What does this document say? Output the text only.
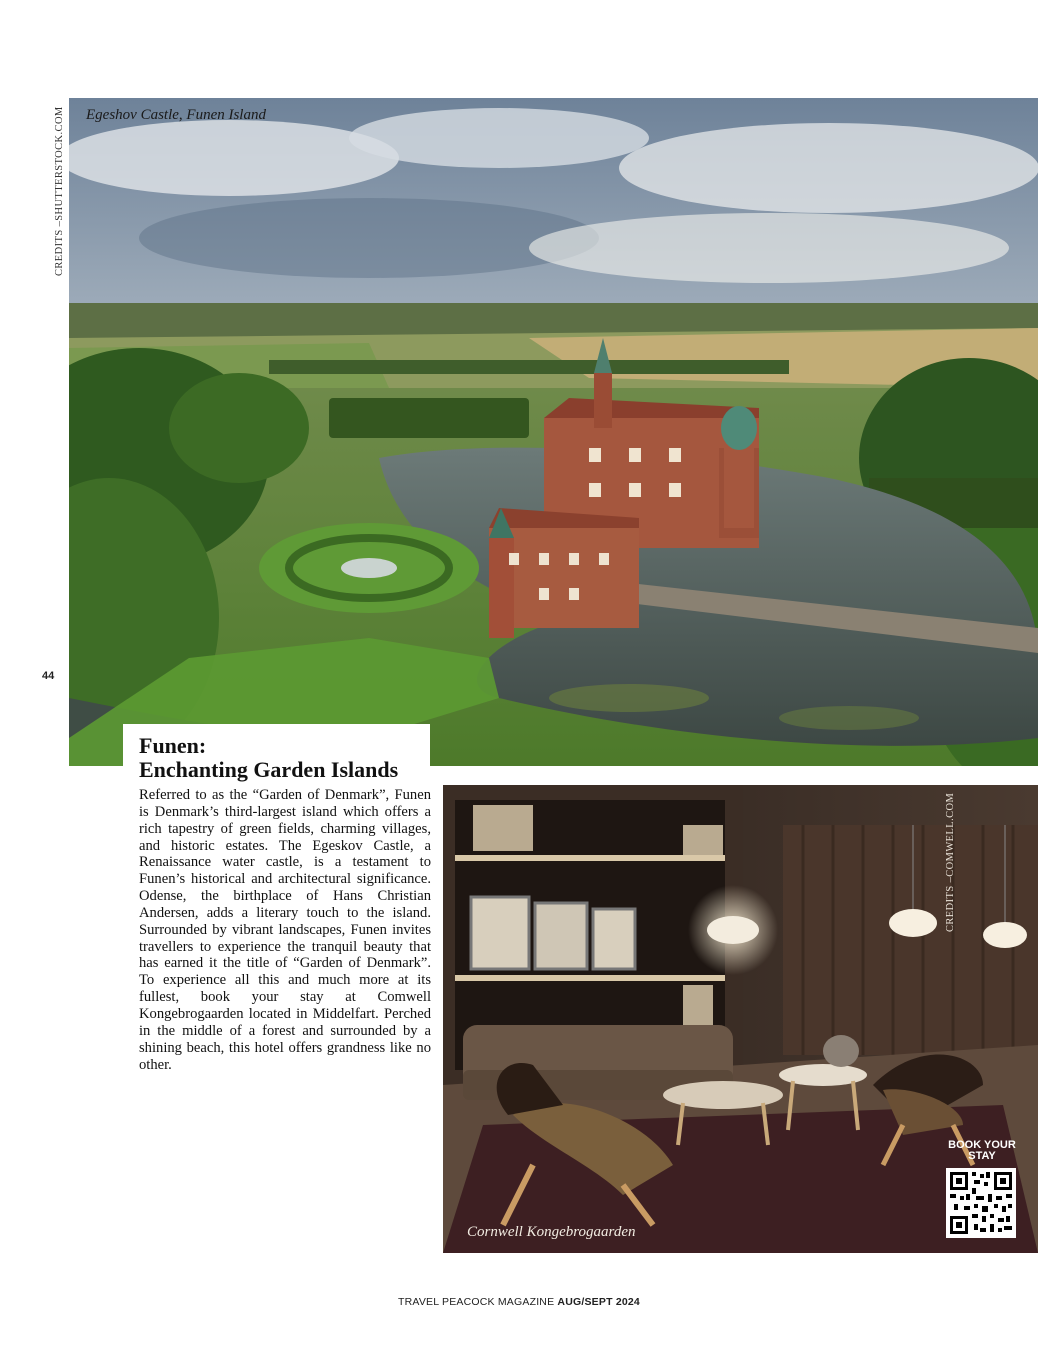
CREDITS –SHUTTERSTOCK.COM
44
Egeshov Castle, Funen Island
Funen:
Enchanting Garden Islands
Referred to as the “Garden of Denmark”, Funen is Denmark’s third-largest island which offers a rich tapestry of green fields, charming villages, and historic estates. The Egeskov Castle, a Renaissance water castle, is a testament to Funen’s historical and architectural significance. Odense, the birthplace of Hans Christian Andersen, adds a literary touch to the island. Surrounded by vibrant landscapes, Funen invites travellers to experience the tranquil beauty that has earned it the title of “Garden of Denmark”. To experience all this and much more at its fullest, book your stay at Comwell Kongebrogaarden located in Middelfart. Perched in the middle of a forest and surrounded by a shining beach, this hotel offers grandness like no other.
CREDITS –COMWELL.COM
Cornwell Kongebrogaarden
BOOK YOUR
STAY
TRAVEL PEACOCK MAGAZINE AUG/SEPT 2024
